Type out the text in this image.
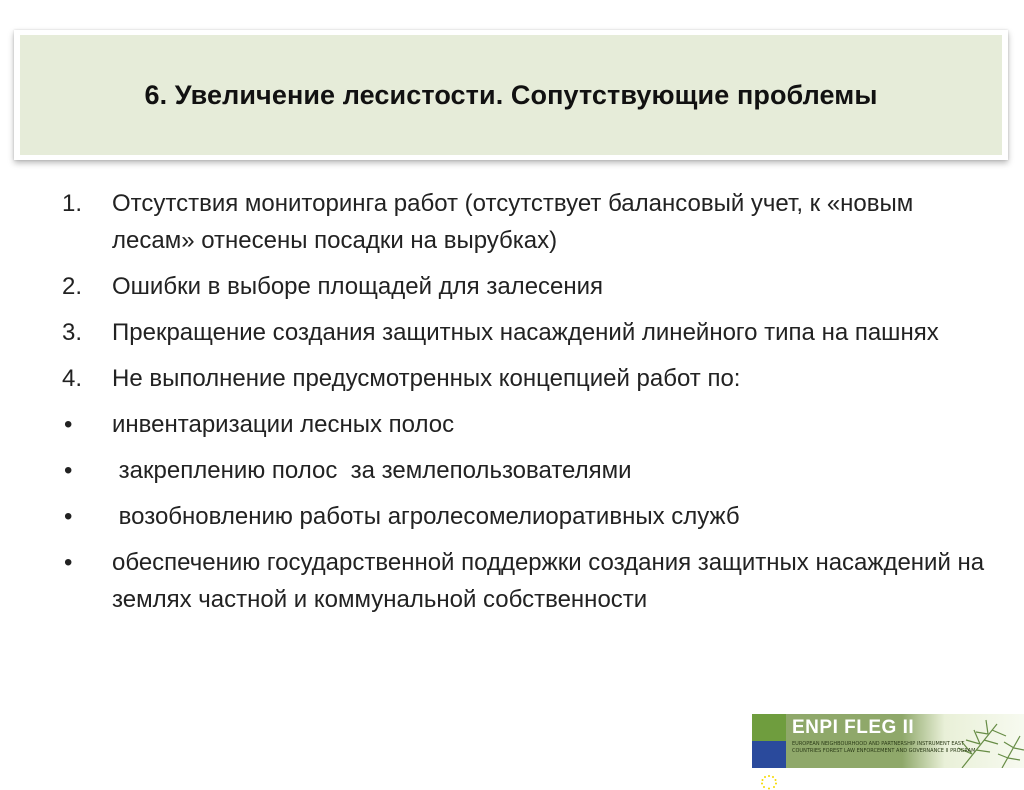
6. Увеличение лесистости. Сопутствующие проблемы
1. Отсутствия мониторинга работ (отсутствует балансовый учет, к «новым лесам» отнесены посадки на вырубках)
2. Ошибки в выборе площадей для залесения
3. Прекращение создания защитных насаждений линейного типа на пашнях
4. Не выполнение предусмотренных концепцией работ по:
• инвентаризации лесных полос
• закреплению полос  за землепользователями
• возобновлению работы агролесомелиоративных служб
• обеспечению государственной поддержки создания защитных насаждений на землях частной и коммунальной собственности
ENPI FLEG II
EUROPEAN NEIGHBOURHOOD AND PARTNERSHIP INSTRUMENT EAST COUNTRIES FOREST LAW ENFORCEMENT AND GOVERNANCE II PROGRAM
